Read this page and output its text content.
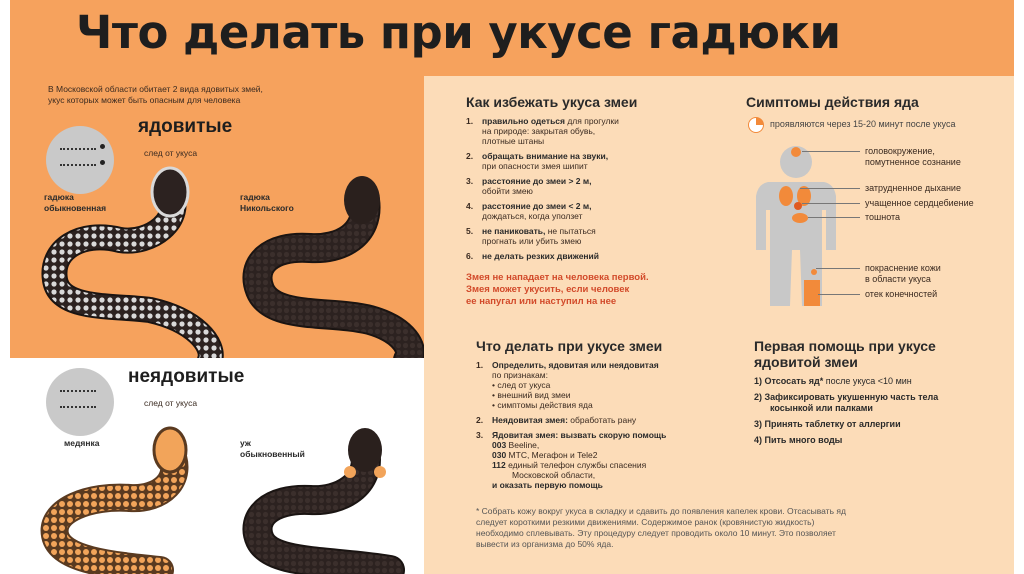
Что делать при укусе гадюки
В Московской области обитает 2 вида ядовитых змей,
укус которых может быть опасным для человека
ядовитые
след от укуса
гадюка
обыкновенная
гадюка
Никольского
неядовитые
след от укуса
медянка	уж
обыкновенный
Как избежать укуса змеи
1. правильно одеться для прогулки
на природе: закрытая обувь,
плотные штаны
2. обращать внимание на звуки,
при опасности змея шипит
3. расстояние до змеи > 2 м,
обойти змею
4. расстояние до змеи < 2 м,
дождаться, когда уползет
5. не паниковать, не пытаться
прогнать или убить змею
6. не делать резких движений
Змея не нападает на человека первой.
Змея может укусить, если человек
ее напугал или наступил на нее
Симптомы действия яда
проявляются через 15-20 минут после укуса
головокружение,
помутненное сознание
затрудненное дыхание
учащенное сердцебиение
тошнота
покраснение кожи
в области укуса
отек конечностей
Что делать при укусе змеи
1. Определить, ядовитая или неядовитая
по признакам:
• след от укуса
• внешний вид змеи
• симптомы действия яда
2. Неядовитая змея: обработать рану
3. Ядовитая змея: вызвать скорую помощь
003 Beeline,
030 МТС, Мегафон и Tele2
112 единый телефон службы спасения
Московской области,
и оказать первую помощь
Первая помощь при укусе
ядовитой змеи
1) Отсосать яд* после укуса <10 мин
2) Зафиксировать укушенную часть тела
косынкой или палками
3) Принять таблетку от аллергии
4) Пить много воды
* Собрать кожу вокруг укуса в складку и сдавить до появления капелек крови. Отсасывать яд
следует короткими резкими движениями. Содержимое ранок (кровянистую жидкость)
необходимо сплевывать. Эту процедуру следует проводить около 10 минут. Это позволяет
вывести из организма до 50% яда.
